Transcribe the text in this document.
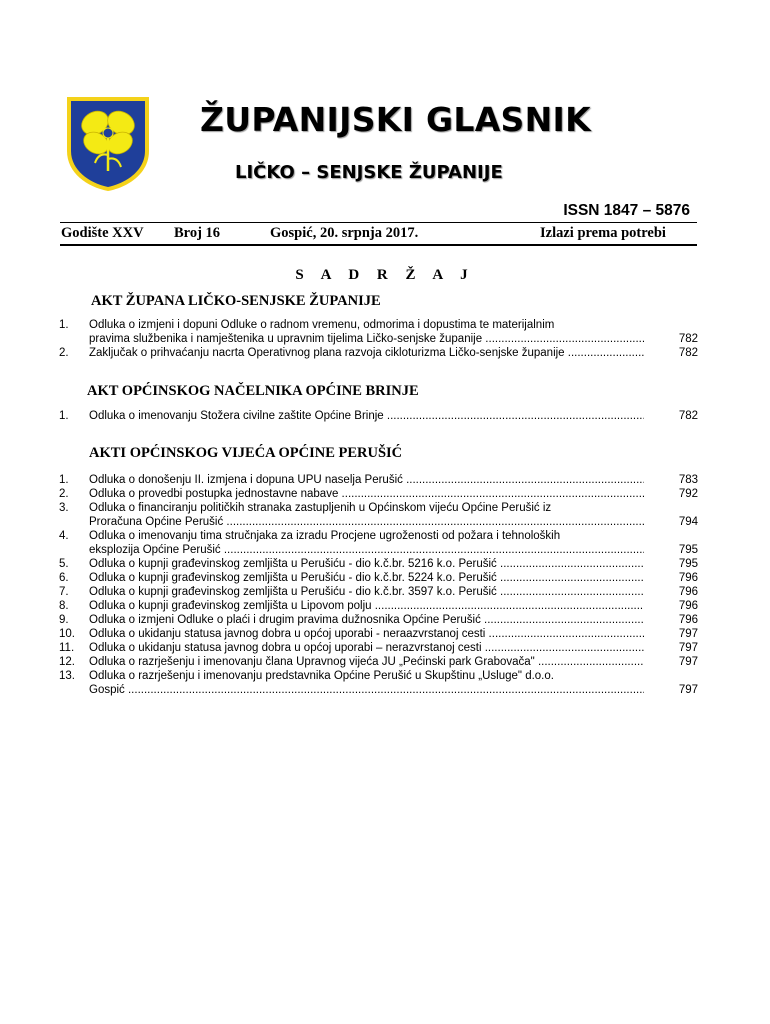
ŽUPANIJSKI GLASNIK
LIČKO – SENJSKE ŽUPANIJE
ISSN 1847 – 5876
Godište XXV Broj 16	Gospić, 20. srpnja 2017.	Izlazi prema potrebi
S A D R Ž A J
AKT ŽUPANA LIČKO-SENJSKE ŽUPANIJE
1.	Odluka o izmjeni i dopuni Odluke o radnom vremenu, odmorima i dopustima te materijalnim
pravima službenika i namještenika u upravnim tijelima Ličko-senjske županije .....	782
2.	Zaključak o prihvaćanju nacrta Operativnog plana razvoja cikloturizma Ličko-senjske županije .....	782
AKT OPĆINSKOG NAČELNIKA OPĆINE BRINJE
1.	Odluka o imenovanju Stožera civilne zaštite Općine Brinje .....	782
AKTI OPĆINSKOG VIJEĆA OPĆINE PERUŠIĆ
1.	Odluka o donošenju II. izmjena i dopuna UPU naselja Perušić .....	783
2.	Odluka o provedbi postupka jednostavne nabave .....	792
3.	Odluka o financiranju političkih stranaka zastupljenih u Općinskom vijeću Općine Perušić iz
Proračuna Općine Perušić .....	794
4.	Odluka o imenovanju tima stručnjaka za izradu Procjene ugroženosti od požara i tehnoloških
eksplozija Općine Perušić .....	795
5.	Odluka o kupnji građevinskog zemljišta u Perušiću - dio k.č.br. 5216 k.o. Perušić .....	795
6.	Odluka o kupnji građevinskog zemljišta u Perušiću - dio k.č.br. 5224 k.o. Perušić .....	796
7.	Odluka o kupnji građevinskog zemljišta u Perušiću - dio k.č.br. 3597 k.o. Perušić .....	796
8.	Odluka o kupnji građevinskog zemljišta u Lipovom polju .....	796
9.	Odluka o izmjeni Odluke o plaći i drugim pravima dužnosnika Općine Perušić .....	796
10.	Odluka o ukidanju statusa javnog dobra u općoj uporabi - neraazvrstanoj cesti .....	797
11.	Odluka o ukidanju statusa javnog dobra u općoj uporabi – nerazvrstanoj cesti .....	797
12.	Odluka o razrješenju i imenovanju člana Upravnog vijeća JU „Pećinski park Grabovača" .....	797
13.	Odluka o razrješenju i imenovanju predstavnika Općine Perušić u Skupštinu „Usluge" d.o.o.
Gospić .....	797
